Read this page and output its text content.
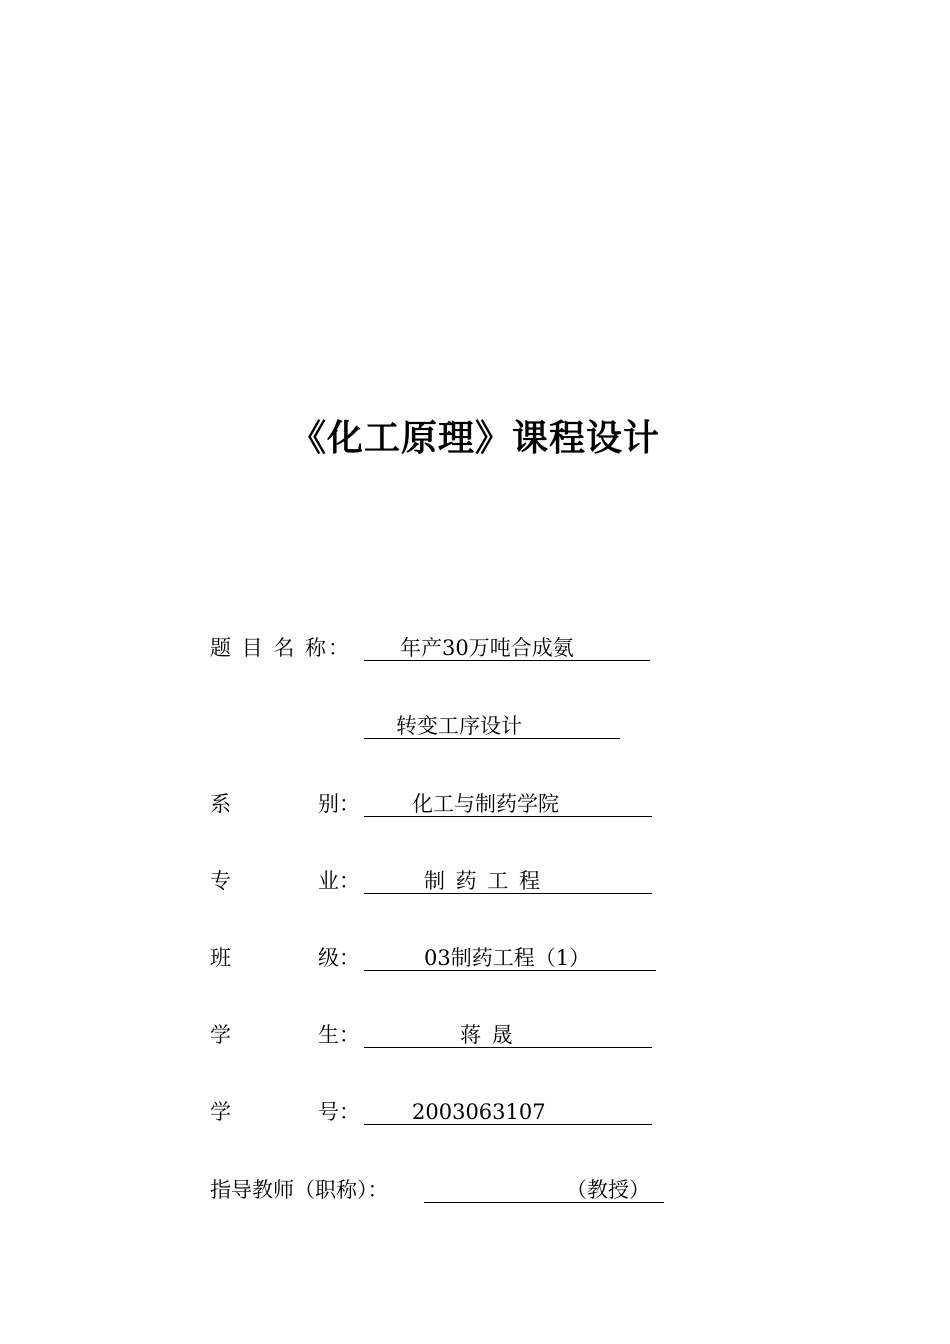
《化工原理》课程设计
题 目 名 称： 年产30万吨合成氨
转变工序设计
系	别： 化工与制药学院
专	业：	制 药 工 程
班	级：	03制药工程（1）
学	生：	蒋 晟
学	号： 2003063107
指导教师（职称）：	（教授）
